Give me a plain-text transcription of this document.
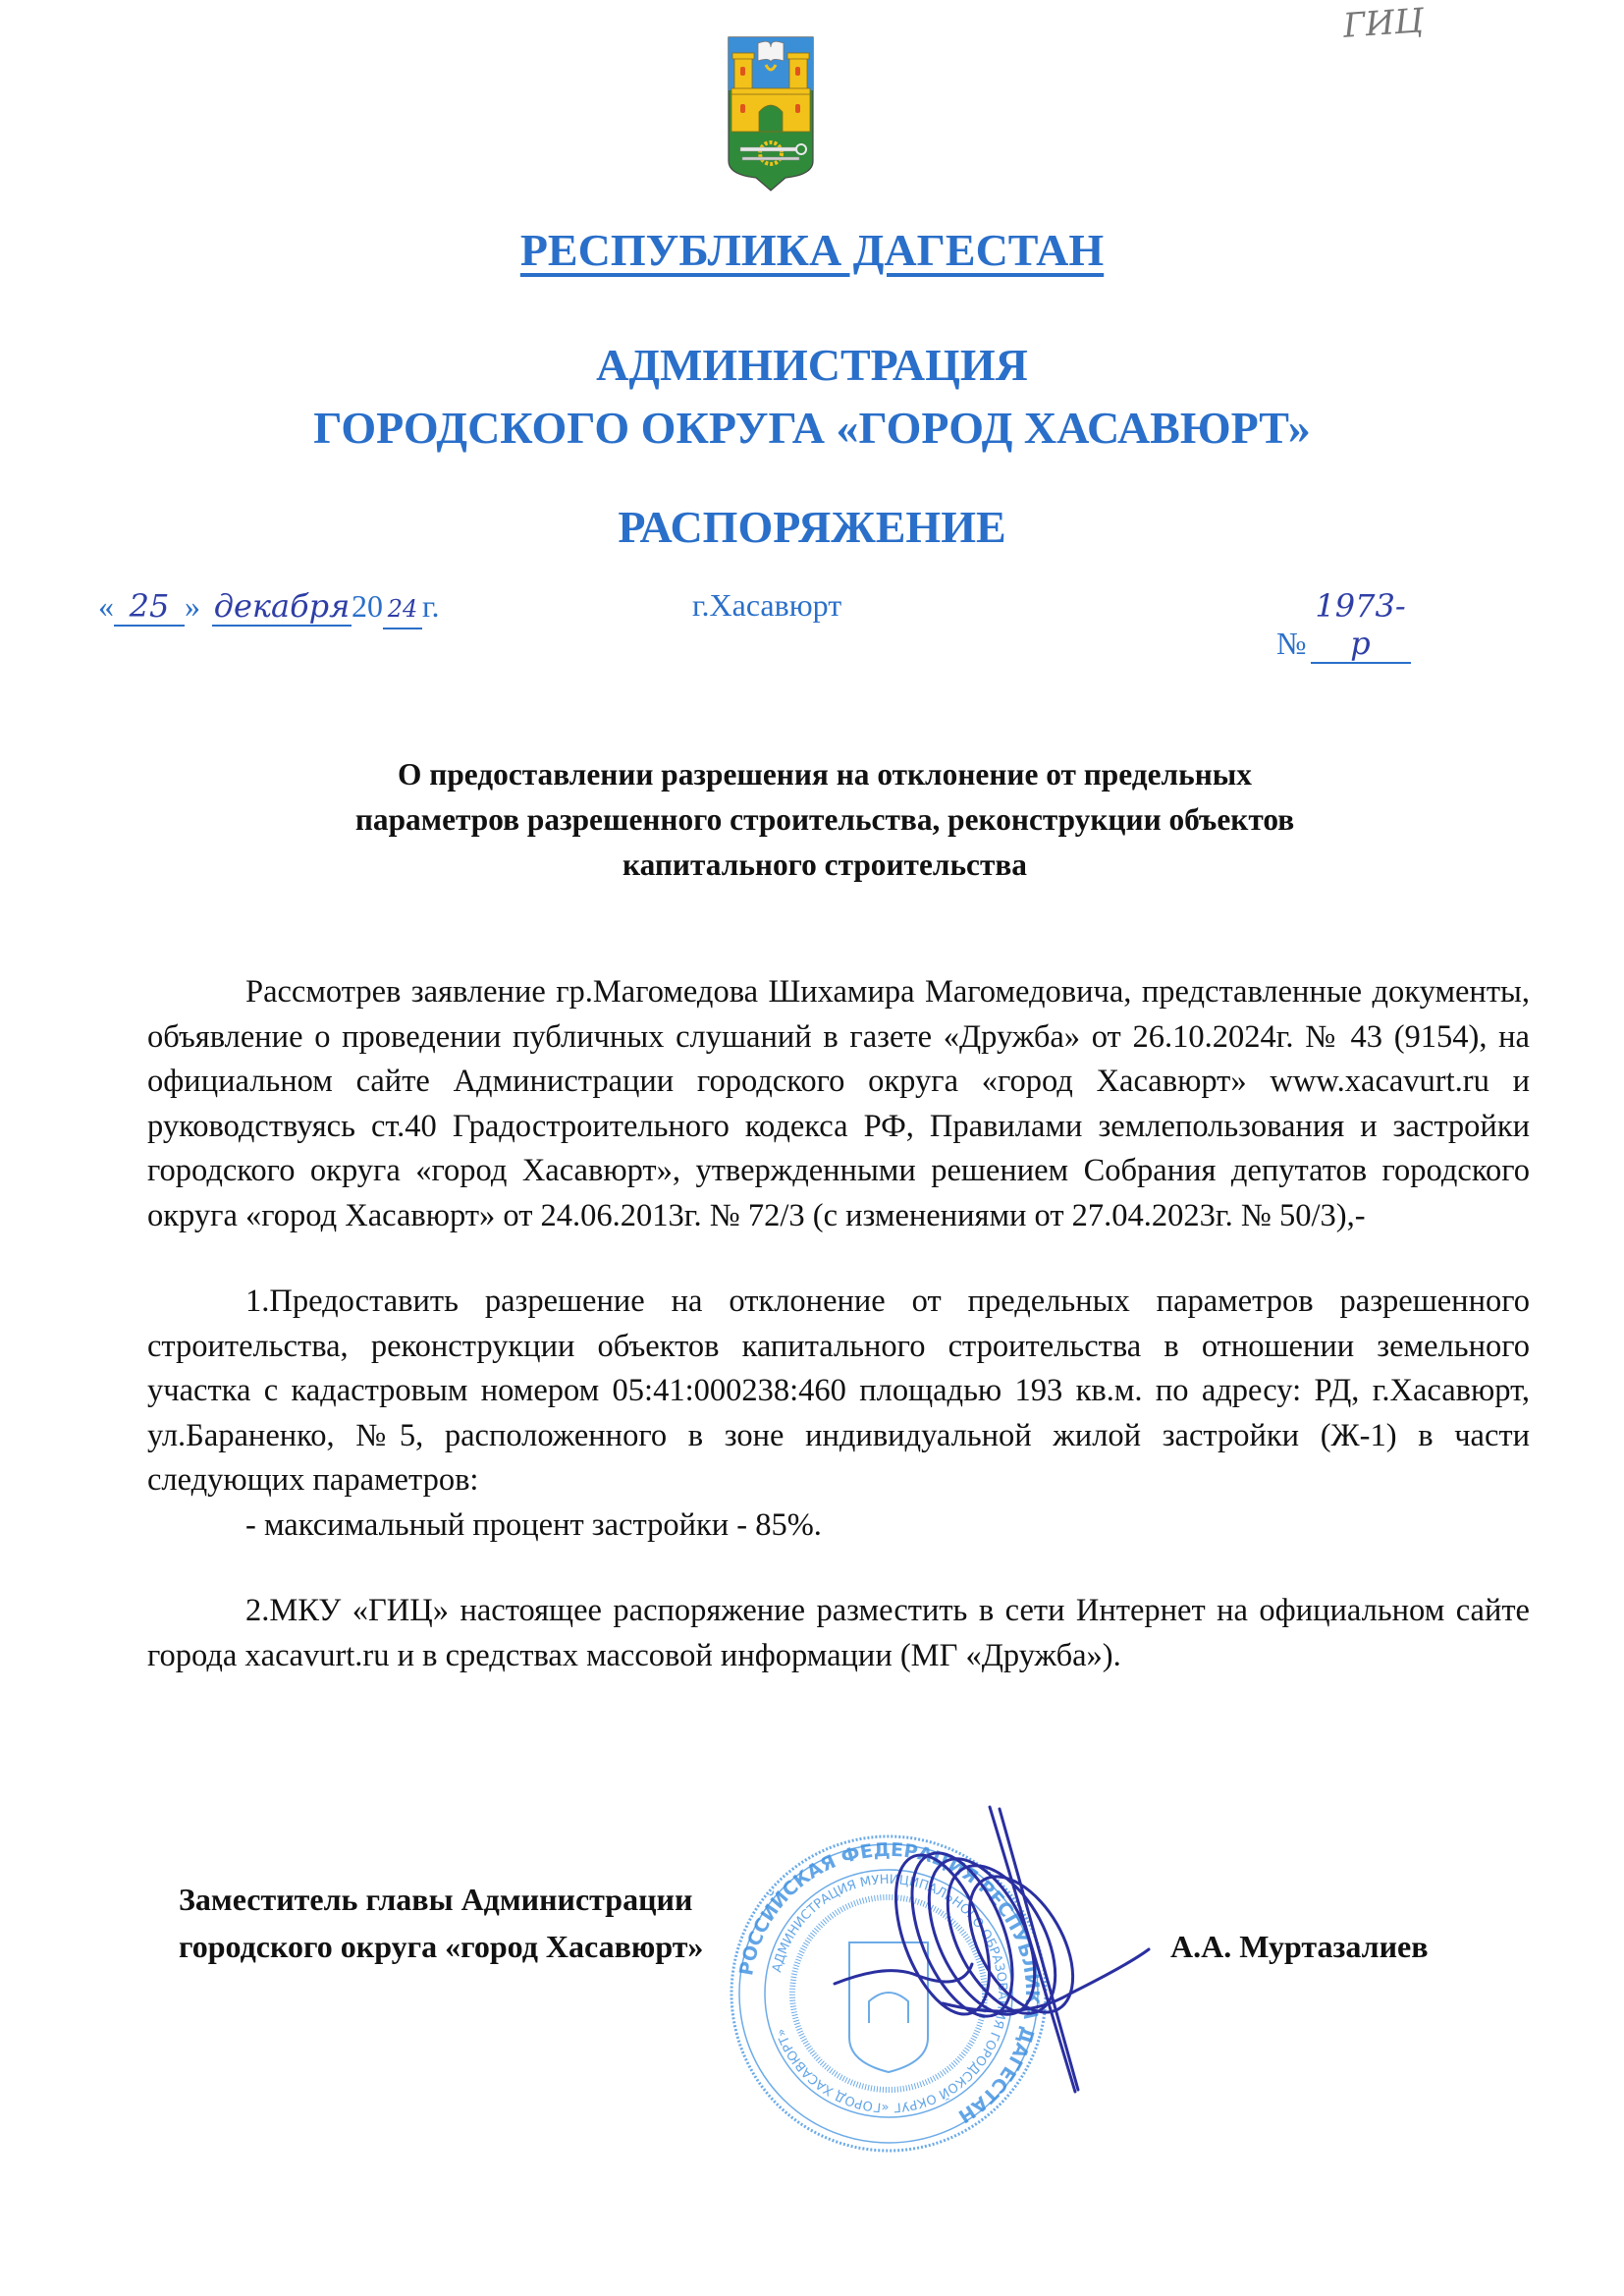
ГИЦ
РЕСПУБЛИКА ДАГЕСТАН
АДМИНИСТРАЦИЯ
ГОРОДСКОГО ОКРУГА «ГОРОД ХАСАВЮРТ»
РАСПОРЯЖЕНИЕ
« 25 » декабря20 24 г.	г.Хасавюрт
№1973-р
О предоставлении разрешения на отклонение от предельных
параметров разрешенного строительства, реконструкции объектов
капитального строительства

Рассмотрев заявление гр.Магомедова Шихамира Магомедовича, представленные документы, объявление о проведении публичных слушаний в газете «Дружба» от 26.10.2024г. № 43 (9154), на официальном сайте Администрации городского округа «город Хасавюрт» www.xacavurt.ru и руководствуясь ст.40 Градостроительного кодекса РФ, Правилами землепользования и застройки городского округа «город Хасавюрт», утвержденными решением Собрания депутатов городского округа «город Хасавюрт» от 24.06.2013г. № 72/3 (с изменениями от 27.04.2023г. № 50/3),-

1.Предоставить разрешение на отклонение от предельных параметров разрешенного строительства, реконструкции объектов капитального строительства в отношении земельного участка с кадастровым номером 05:41:000238:460 площадью 193 кв.м. по адресу: РД, г.Хасавюрт, ул.Бараненко, №5, расположенного в зоне индивидуальной жилой застройки (Ж-1) в части следующих параметров:

- максимальный процент застройки - 85%.

2.МКУ «ГИЦ» настоящее распоряжение разместить в сети Интернет на официальном сайте города xacavurt.ru и в средствах массовой информации (МГ «Дружба»).

РОССИЙСКАЯ ФЕДЕРАЦИЯ РЕСПУБЛИКА ДАГЕСТАН
АДМИНИСТРАЦИЯ МУНИЦИПАЛЬНОГО ОБРАЗОВАНИЯ ГОРОДСКОЙ ОКРУГ «ГОРОД ХАСАВЮРТ»
Заместитель главы Администрации
городского округа «город Хасавюрт»	А.А. Муртазалиев
